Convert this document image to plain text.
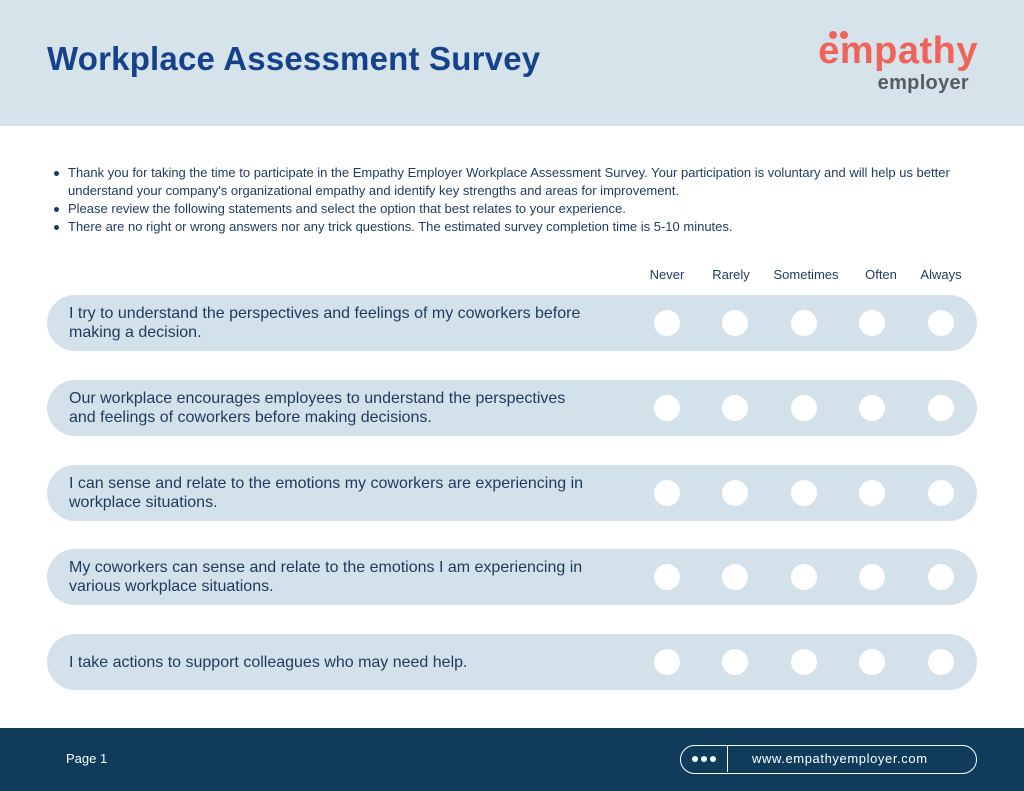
Workplace Assessment Survey	empathy
employer
Thank you for taking the time to participate in the Empathy Employer Workplace Assessment Survey. Your participation is voluntary and will help us better understand your company's organizational empathy and identify key strengths and areas for improvement.
Please review the following statements and select the option that best relates to your experience.
There are no right or wrong answers nor any trick questions. The estimated survey completion time is 5-10 minutes.
Never	Rarely	Sometimes	Often	Always
I try to understand the perspectives and feelings of my coworkers before making a decision.
Our workplace encourages employees to understand the perspectives and feelings of coworkers before making decisions.
I can sense and relate to the emotions my coworkers are experiencing in workplace situations.
My coworkers can sense and relate to the emotions I am experiencing in various workplace situations.
I take actions to support colleagues who may need help.
Page 1	www.empathyemployer.com
